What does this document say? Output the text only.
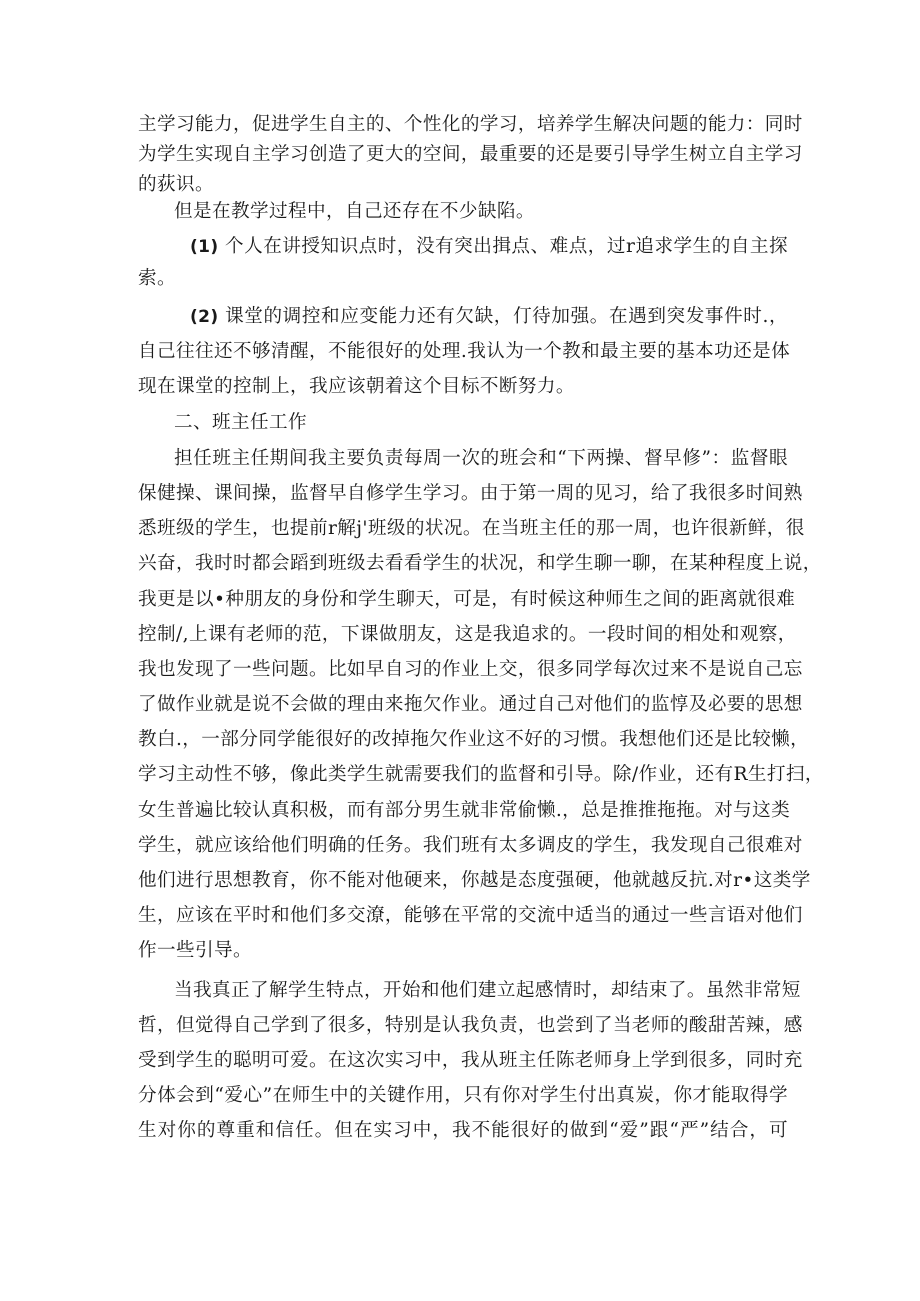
主学习能力，促进学生自主的、个性化的学习，培养学生解决问题的能力：同时
为学生实现自主学习创造了更大的空间，最重要的还是要引导学生树立自主学习
的荻识。
但是在教学过程中，自己还存在不少缺陷。
(1) 个人在讲授知识点时，没有突出揖点、难点，过r追求学生的自主探
索。
(2) 课堂的调控和应变能力还有欠缺，仃待加强。在遇到突发事件时.，
自己往往还不够清醒，不能很好的处理.我认为一个教和最主要的基本功还是体
现在课堂的控制上，我应该朝着这个目标不断努力。
二、班主任工作
担任班主任期间我主要负责每周一次的班会和“下两操、督早修”：监督眼
保健操、课间操，监督早自修学生学习。由于第一周的见习，给了我很多时间熟
悉班级的学生，也提前r解j'班级的状况。在当班主任的那一周，也许很新鲜，很
兴奋，我时时都会蹈到班级去看看学生的状况，和学生聊一聊，在某种程度上说，
我更是以•种朋友的身份和学生聊天，可是，有时候这种师生之间的距离就很难
控制/,上课有老师的范，下课做朋友，这是我追求的。一段时间的相处和观察，
我也发现了一些问题。比如早自习的作业上交，很多同学每次过来不是说自己忘
了做作业就是说不会做的理由来拖欠作业。通过自己对他们的监惇及必要的思想
教白.，一部分同学能很好的改掉拖欠作业这不好的习惯。我想他们还是比较懒，
学习主动性不够，像此类学生就需要我们的监督和引导。除/作业，还有R生打扫，
女生普遍比较认真积极，而有部分男生就非常偷懒.，总是推推拖拖。对与这类
学生，就应该给他们明确的任务。我们班有太多调皮的学生，我发现自己很难对
他们进行思想教育，你不能对他硬来，你越是态度强硬，他就越反抗.对r•这类学
生，应该在平时和他们多交潦，能够在平常的交流中适当的通过一些言语对他们
作一些引导。
当我真正了解学生特点，开始和他们建立起感情时，却结束了。虽然非常短
哲，但觉得自己学到了很多，特别是认我负责，也尝到了当老师的酸甜苦辣，感
受到学生的聪明可爱。在这次实习中，我从班主任陈老师身上学到很多，同时充
分体会到“爱心”在师生中的关键作用，只有你对学生付出真炭，你才能取得学
生对你的尊重和信任。但在实习中，我不能很好的做到“爱”跟“严”结合，可
